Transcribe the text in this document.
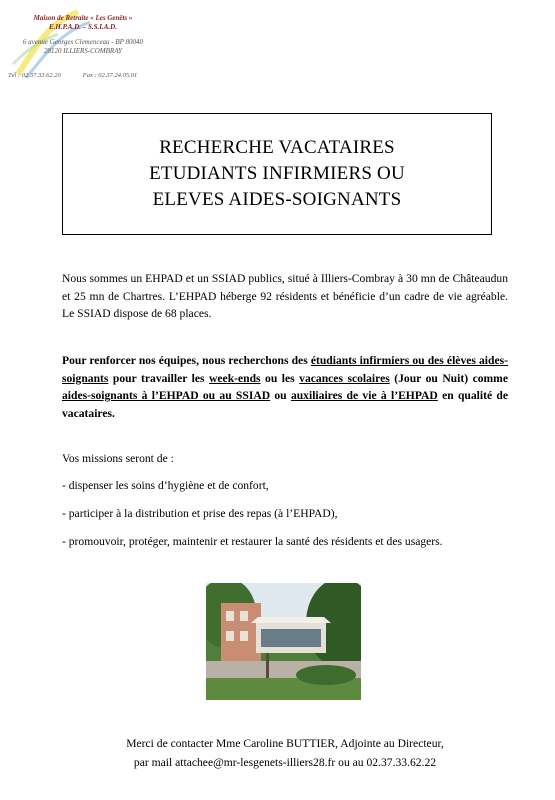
Maison de Retraite « Les Genêts »
E.H.P.A.D. – S.S.I.A.D.
6 avenue Georges Clemenceau - BP 80040
28120 ILLIERS-COMBRAY
Tél : 02.37.33.62.20	Fax : 02.37.24.05.01
RECHERCHE VACATAIRES
ETUDIANTS INFIRMIERS OU
ELEVES AIDES-SOIGNANTS
Nous sommes un EHPAD et un SSIAD publics, situé à Illiers-Combray à 30 mn de Châteaudun et 25 mn de Chartres. L’EHPAD héberge 92 résidents et bénéficie d’un cadre de vie agréable. Le SSIAD dispose de 68 places.
Pour renforcer nos équipes, nous recherchons des étudiants infirmiers ou des élèves aides-soignants pour travailler les week-ends ou les vacances scolaires (Jour ou Nuit) comme aides-soignants à l’EHPAD ou au SSIAD ou auxiliaires de vie à l’EHPAD en qualité de vacataires.
Vos missions seront de :
- dispenser les soins d’hygiène et de confort,
- participer à la distribution et prise des repas (à l’EHPAD),
- promouvoir, protéger, maintenir et restaurer la santé des résidents et des usagers.
Merci de contacter Mme Caroline BUTTIER, Adjointe au Directeur,
par mail attachee@mr-lesgenets-illiers28.fr ou au 02.37.33.62.22
